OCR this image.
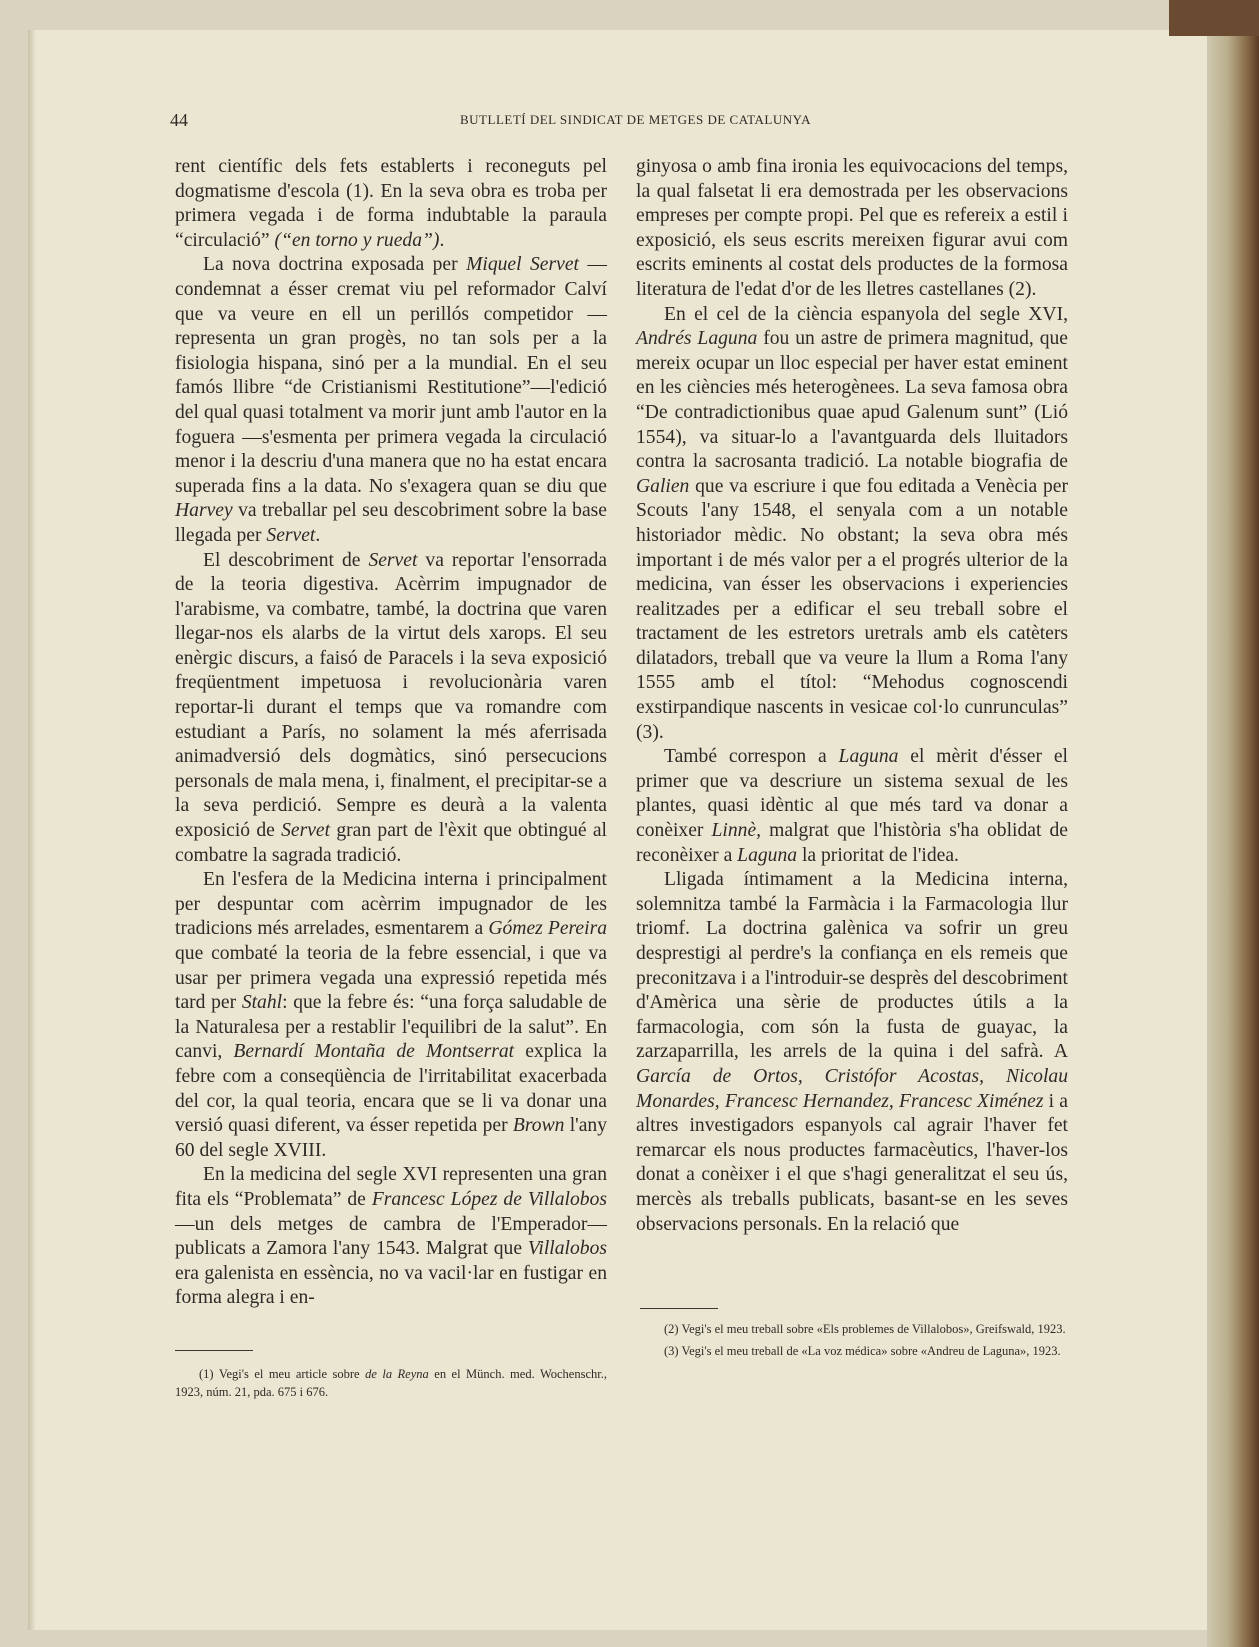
44	BUTLLETÍ DEL SINDICAT DE METGES DE CATALUNYA

rent científic dels fets establerts i reconeguts pel dogmatisme d'escola (1). En la seva obra es troba per primera vegada i de forma indubtable la paraula “circulació” (“en torno y rueda”).

La nova doctrina exposada per Miquel Servet — condemnat a ésser cremat viu pel reformador Calví que va veure en ell un perillós competidor — representa un gran progès, no tan sols per a la fisiologia hispana, sinó per a la mundial. En el seu famós llibre “de Cristianismi Restitutione”—l'edició del qual quasi totalment va morir junt amb l'autor en la foguera —s'esmenta per primera vegada la circulació menor i la descriu d'una manera que no ha estat encara superada fins a la data. No s'exagera quan se diu que Harvey va treballar pel seu descobriment sobre la base llegada per Servet.

El descobriment de Servet va reportar l'ensorrada de la teoria digestiva. Acèrrim impugnador de l'arabisme, va combatre, també, la doctrina que varen llegar-nos els alarbs de la virtut dels xarops. El seu enèrgic discurs, a faisó de Paracels i la seva exposició freqüentment impetuosa i revolucionària varen reportar-li durant el temps que va romandre com estudiant a París, no solament la més aferrisada animadversió dels dogmàtics, sinó persecucions personals de mala mena, i, finalment, el precipitar-se a la seva perdició. Sempre es deurà a la valenta exposició de Servet gran part de l'èxit que obtingué al combatre la sagrada tradició.

En l'esfera de la Medicina interna i principalment per despuntar com acèrrim impugnador de les tradicions més arrelades, esmentarem a Gómez Pereira que combaté la teoria de la febre essencial, i que va usar per primera vegada una expressió repetida més tard per Stahl: que la febre és: “una força saludable de la Naturalesa per a restablir l'equilibri de la salut”. En canvi, Bernardí Montaña de Montserrat explica la febre com a conseqüència de l'irritabilitat exacerbada del cor, la qual teoria, encara que se li va donar una versió quasi diferent, va ésser repetida per Brown l'any 60 del segle XVIII.

En la medicina del segle XVI representen una gran fita els “Problemata” de Francesc López de Villalobos—un dels metges de cambra de l'Emperador—publicats a Zamora l'any 1543. Malgrat que Villalobos era galenista en essència, no va vacil·lar en fustigar en forma alegra i en-

ginyosa o amb fina ironia les equivocacions del temps, la qual falsetat li era demostrada per les observacions empreses per compte propi. Pel que es refereix a estil i exposició, els seus escrits mereixen figurar avui com escrits eminents al costat dels productes de la formosa literatura de l'edat d'or de les lletres castellanes (2).

En el cel de la ciència espanyola del segle XVI, Andrés Laguna fou un astre de primera magnitud, que mereix ocupar un lloc especial per haver estat eminent en les ciències més heterogènees. La seva famosa obra “De contradictionibus quae apud Galenum sunt” (Lió 1554), va situar-lo a l'avantguarda dels lluitadors contra la sacrosanta tradició. La notable biografia de Galien que va escriure i que fou editada a Venècia per Scouts l'any 1548, el senyala com a un notable historiador mèdic. No obstant; la seva obra més important i de més valor per a el progrés ulterior de la medicina, van ésser les observacions i experiencies realitzades per a edificar el seu treball sobre el tractament de les estretors uretrals amb els catèters dilatadors, treball que va veure la llum a Roma l'any 1555 amb el títol: “Mehodus cognoscendi exstirpandique nascents in vesicae col·lo cunrunculas” (3).

També correspon a Laguna el mèrit d'ésser el primer que va descriure un sistema sexual de les plantes, quasi idèntic al que més tard va donar a conèixer Linnè, malgrat que l'història s'ha oblidat de reconèixer a Laguna la prioritat de l'idea.

Lligada íntimament a la Medicina interna, solemnitza també la Farmàcia i la Farmacologia llur triomf. La doctrina galènica va sofrir un greu desprestigi al perdre's la confiança en els remeis que preconitzava i a l'introduir-se desprès del descobriment d'Amèrica una sèrie de productes útils a la farmacologia, com són la fusta de guayac, la zarzaparrilla, les arrels de la quina i del safrà. A García de Ortos, Cristófor Acostas, Nicolau Monardes, Francesc Hernandez, Francesc Ximénez i a altres investigadors espanyols cal agrair l'haver fet remarcar els nous productes farmacèutics, l'haver-los donat a conèixer i el que s'hagi generalitzat el seu ús, mercès als treballs publicats, basant-se en les seves observacions personals. En la relació que

(1) Vegi's el meu article sobre de la Reyna en el Münch. med. Wochenschr., 1923, núm. 21, pda. 675 i 676.

(2) Vegi's el meu treball sobre «Els problemes de Villalobos», Greifswald, 1923.

(3) Vegi's el meu treball de «La voz médica» sobre «Andreu de Laguna», 1923.
